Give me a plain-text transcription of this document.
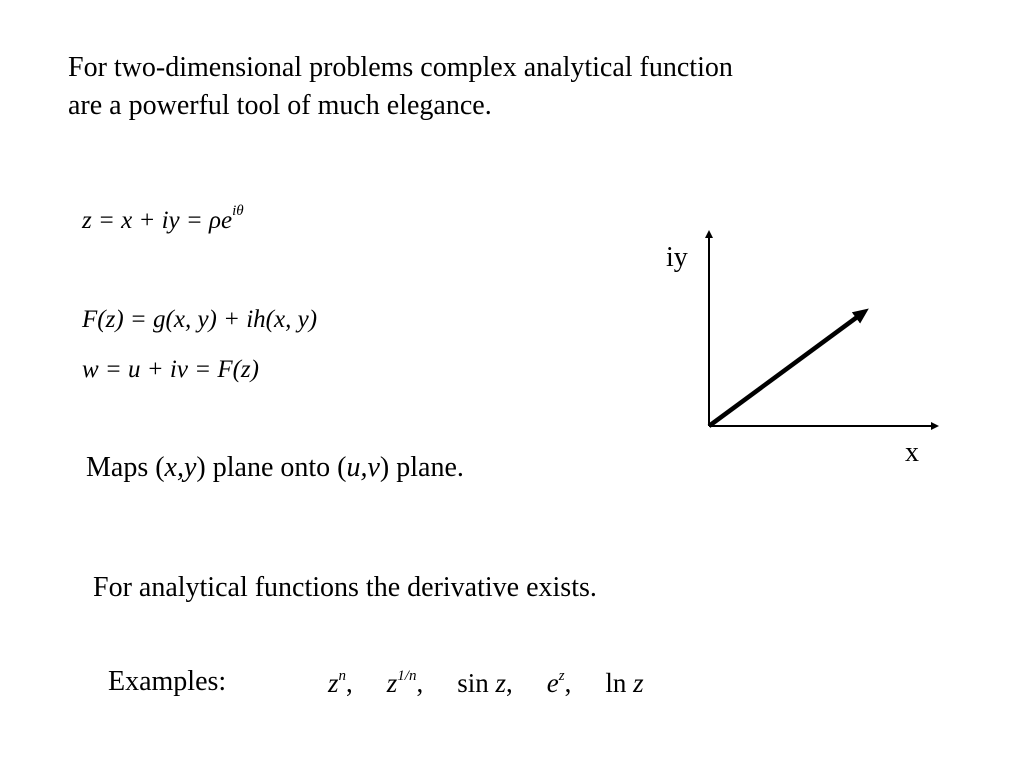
For two-dimensional problems complex analytical function
are a powerful tool of much elegance.
z = x + iy = $\rho e^{i\theta}$
F(z) = g(x, y) + ih(x, y)
w = u + iv = F(z)
Maps (x,y) plane onto (u,v) plane.
For analytical functions the derivative exists.
Examples:	$z^n$, $z^{1/n}$, sin z, $e^z$, ln z
iy
x
